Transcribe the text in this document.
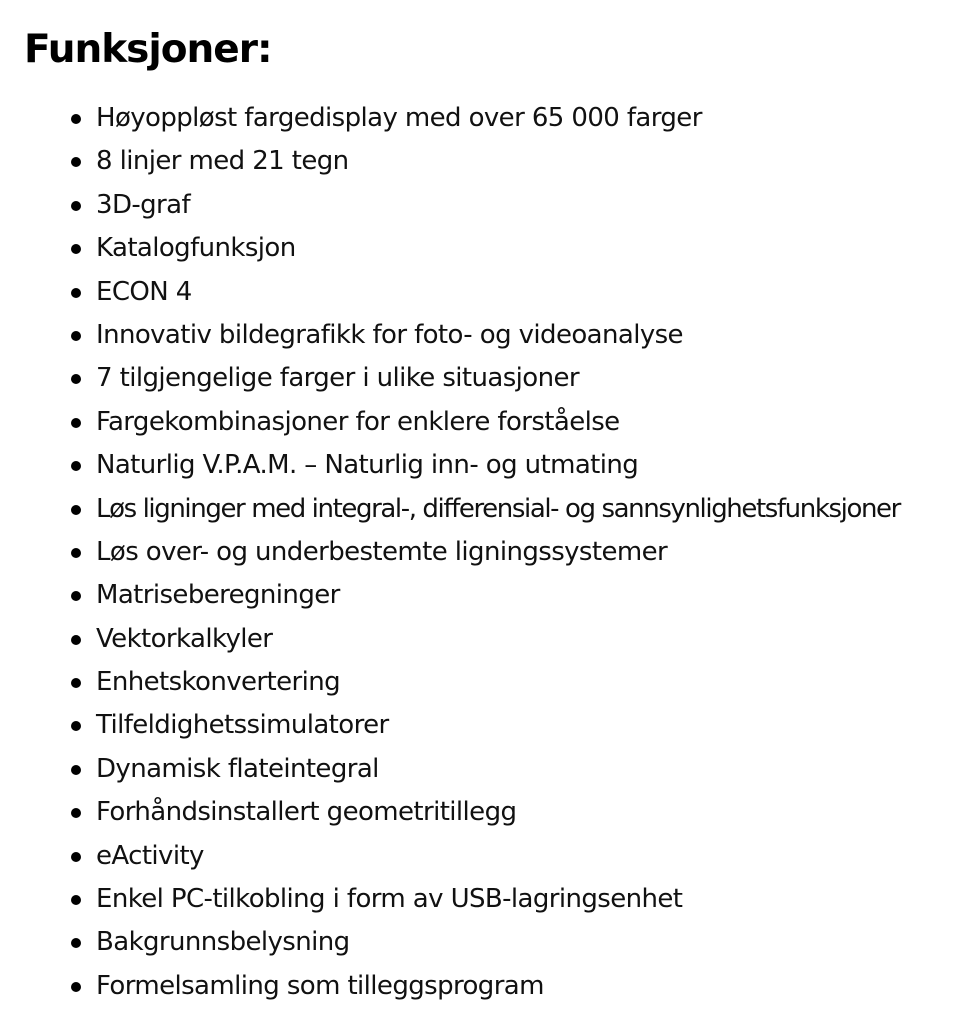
Funksjoner:
Høyoppløst fargedisplay med over 65 000 farger
8 linjer med 21 tegn
3D-graf
Katalogfunksjon
ECON 4
Innovativ bildegrafikk for foto- og videoanalyse
7 tilgjengelige farger i ulike situasjoner
Fargekombinasjoner for enklere forståelse
Naturlig V.P.A.M. – Naturlig inn- og utmating
Løs ligninger med integral-, differensial- og sannsynlighetsfunksjoner
Løs over- og underbestemte ligningssystemer
Matriseberegninger
Vektorkalkyler
Enhetskonvertering
Tilfeldighetssimulatorer
Dynamisk flateintegral
Forhåndsinstallert geometritillegg
eActivity
Enkel PC-tilkobling i form av USB-lagringsenhet
Bakgrunnsbelysning
Formelsamling som tilleggsprogram
